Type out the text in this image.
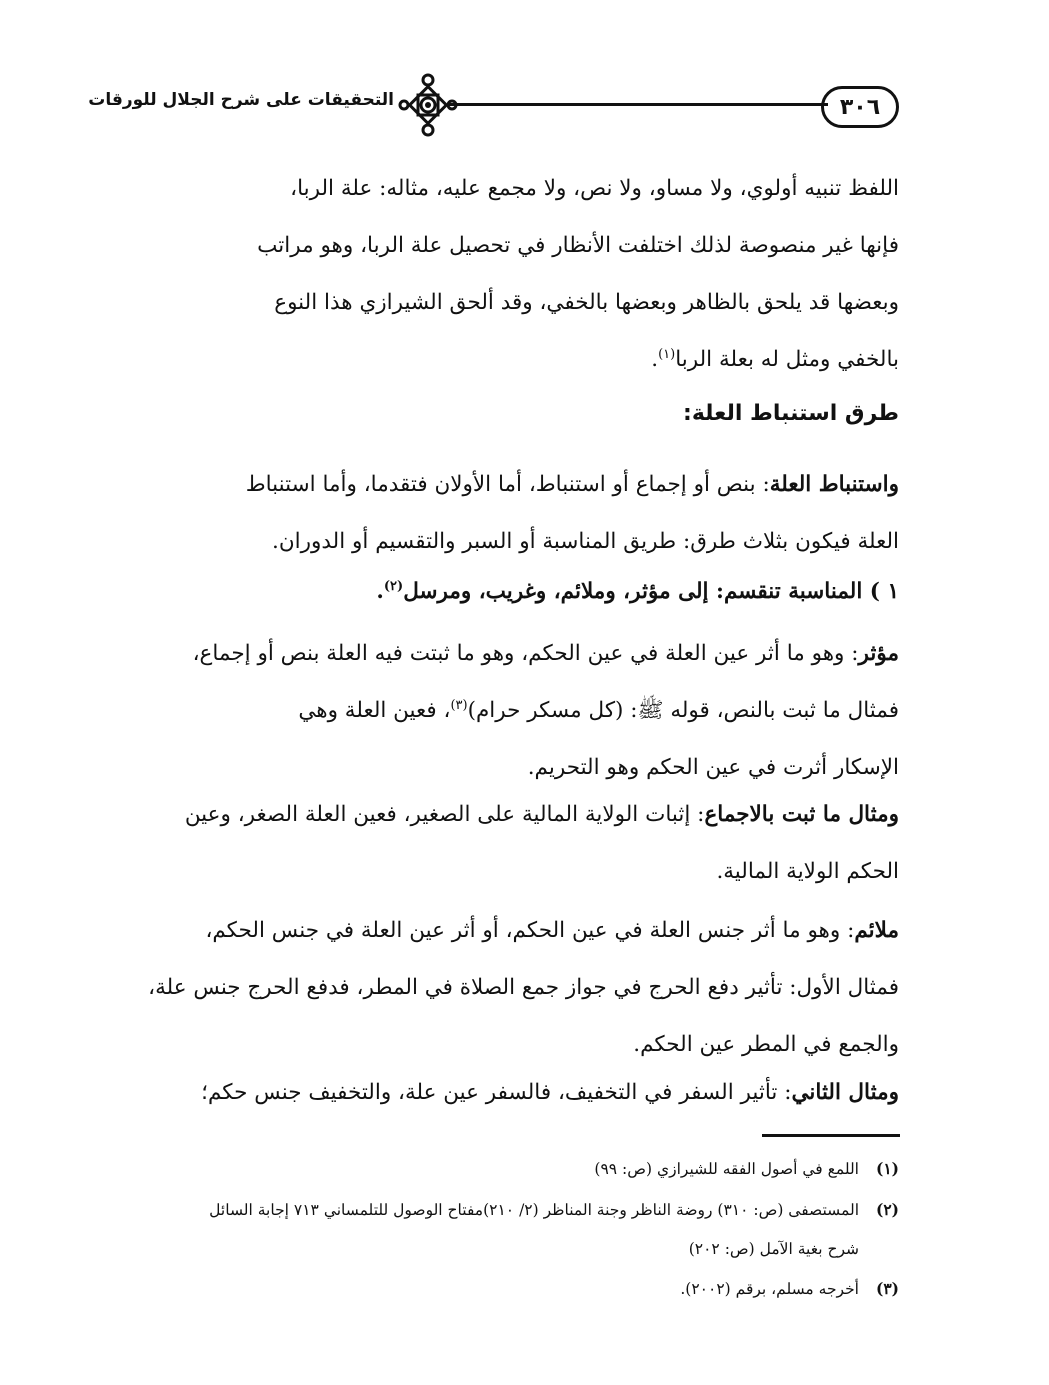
٣٠٦
التحقيقات على شرح الجلال للورقات
اللفظ تنبيه أولوي، ولا مساو، ولا نص، ولا مجمع عليه، مثاله: علة الربا،
فإنها غير منصوصة لذلك اختلفت الأنظار في تحصيل علة الربا، وهو مراتب
وبعضها قد يلحق بالظاهر وبعضها بالخفي، وقد ألحق الشيرازي هذا النوع
بالخفي ومثل له بعلة الربا$^{(١)}$.
طرق استنباط العلة:
واستنباط العلة: بنص أو إجماع أو استنباط، أما الأولان فتقدما، وأما استنباط
العلة فيكون بثلاث طرق: طريق المناسبة أو السبر والتقسيم أو الدوران.
١ ) المناسبة تنقسم: إلى مؤثر، وملائم، وغريب، ومرسل$^{(٢)}$.
مؤثر: وهو ما أثر عين العلة في عين الحكم، وهو ما ثبتت فيه العلة بنص أو إجماع،
فمثال ما ثبت بالنص، قوله ﷺ: (كل مسكر حرام)$^{(٣)}$، فعين العلة وهي
الإسكار أثرت في عين الحكم وهو التحريم.
ومثال ما ثبت بالاجماع: إثبات الولاية المالية على الصغير، فعين العلة الصغر، وعين
الحكم الولاية المالية.
ملائم: وهو ما أثر جنس العلة في عين الحكم، أو أثر عين العلة في جنس الحكم،
فمثال الأول: تأثير دفع الحرج في جواز جمع الصلاة في المطر، فدفع الحرج جنس علة،
والجمع في المطر عين الحكم.
ومثال الثاني: تأثير السفر في التخفيف، فالسفر عين علة، والتخفيف جنس حكم؛
(١)اللمع في أصول الفقه للشيرازي (ص: ٩٩)
(٢)المستصفى (ص: ٣١٠) روضة الناظر وجنة المناظر (٢/ ٢١٠)مفتاح الوصول للتلمساني ٧١٣ إجابة السائل
شرح بغية الآمل (ص: ٢٠٢)
(٣)أخرجه مسلم، برقم (٢٠٠٢).
